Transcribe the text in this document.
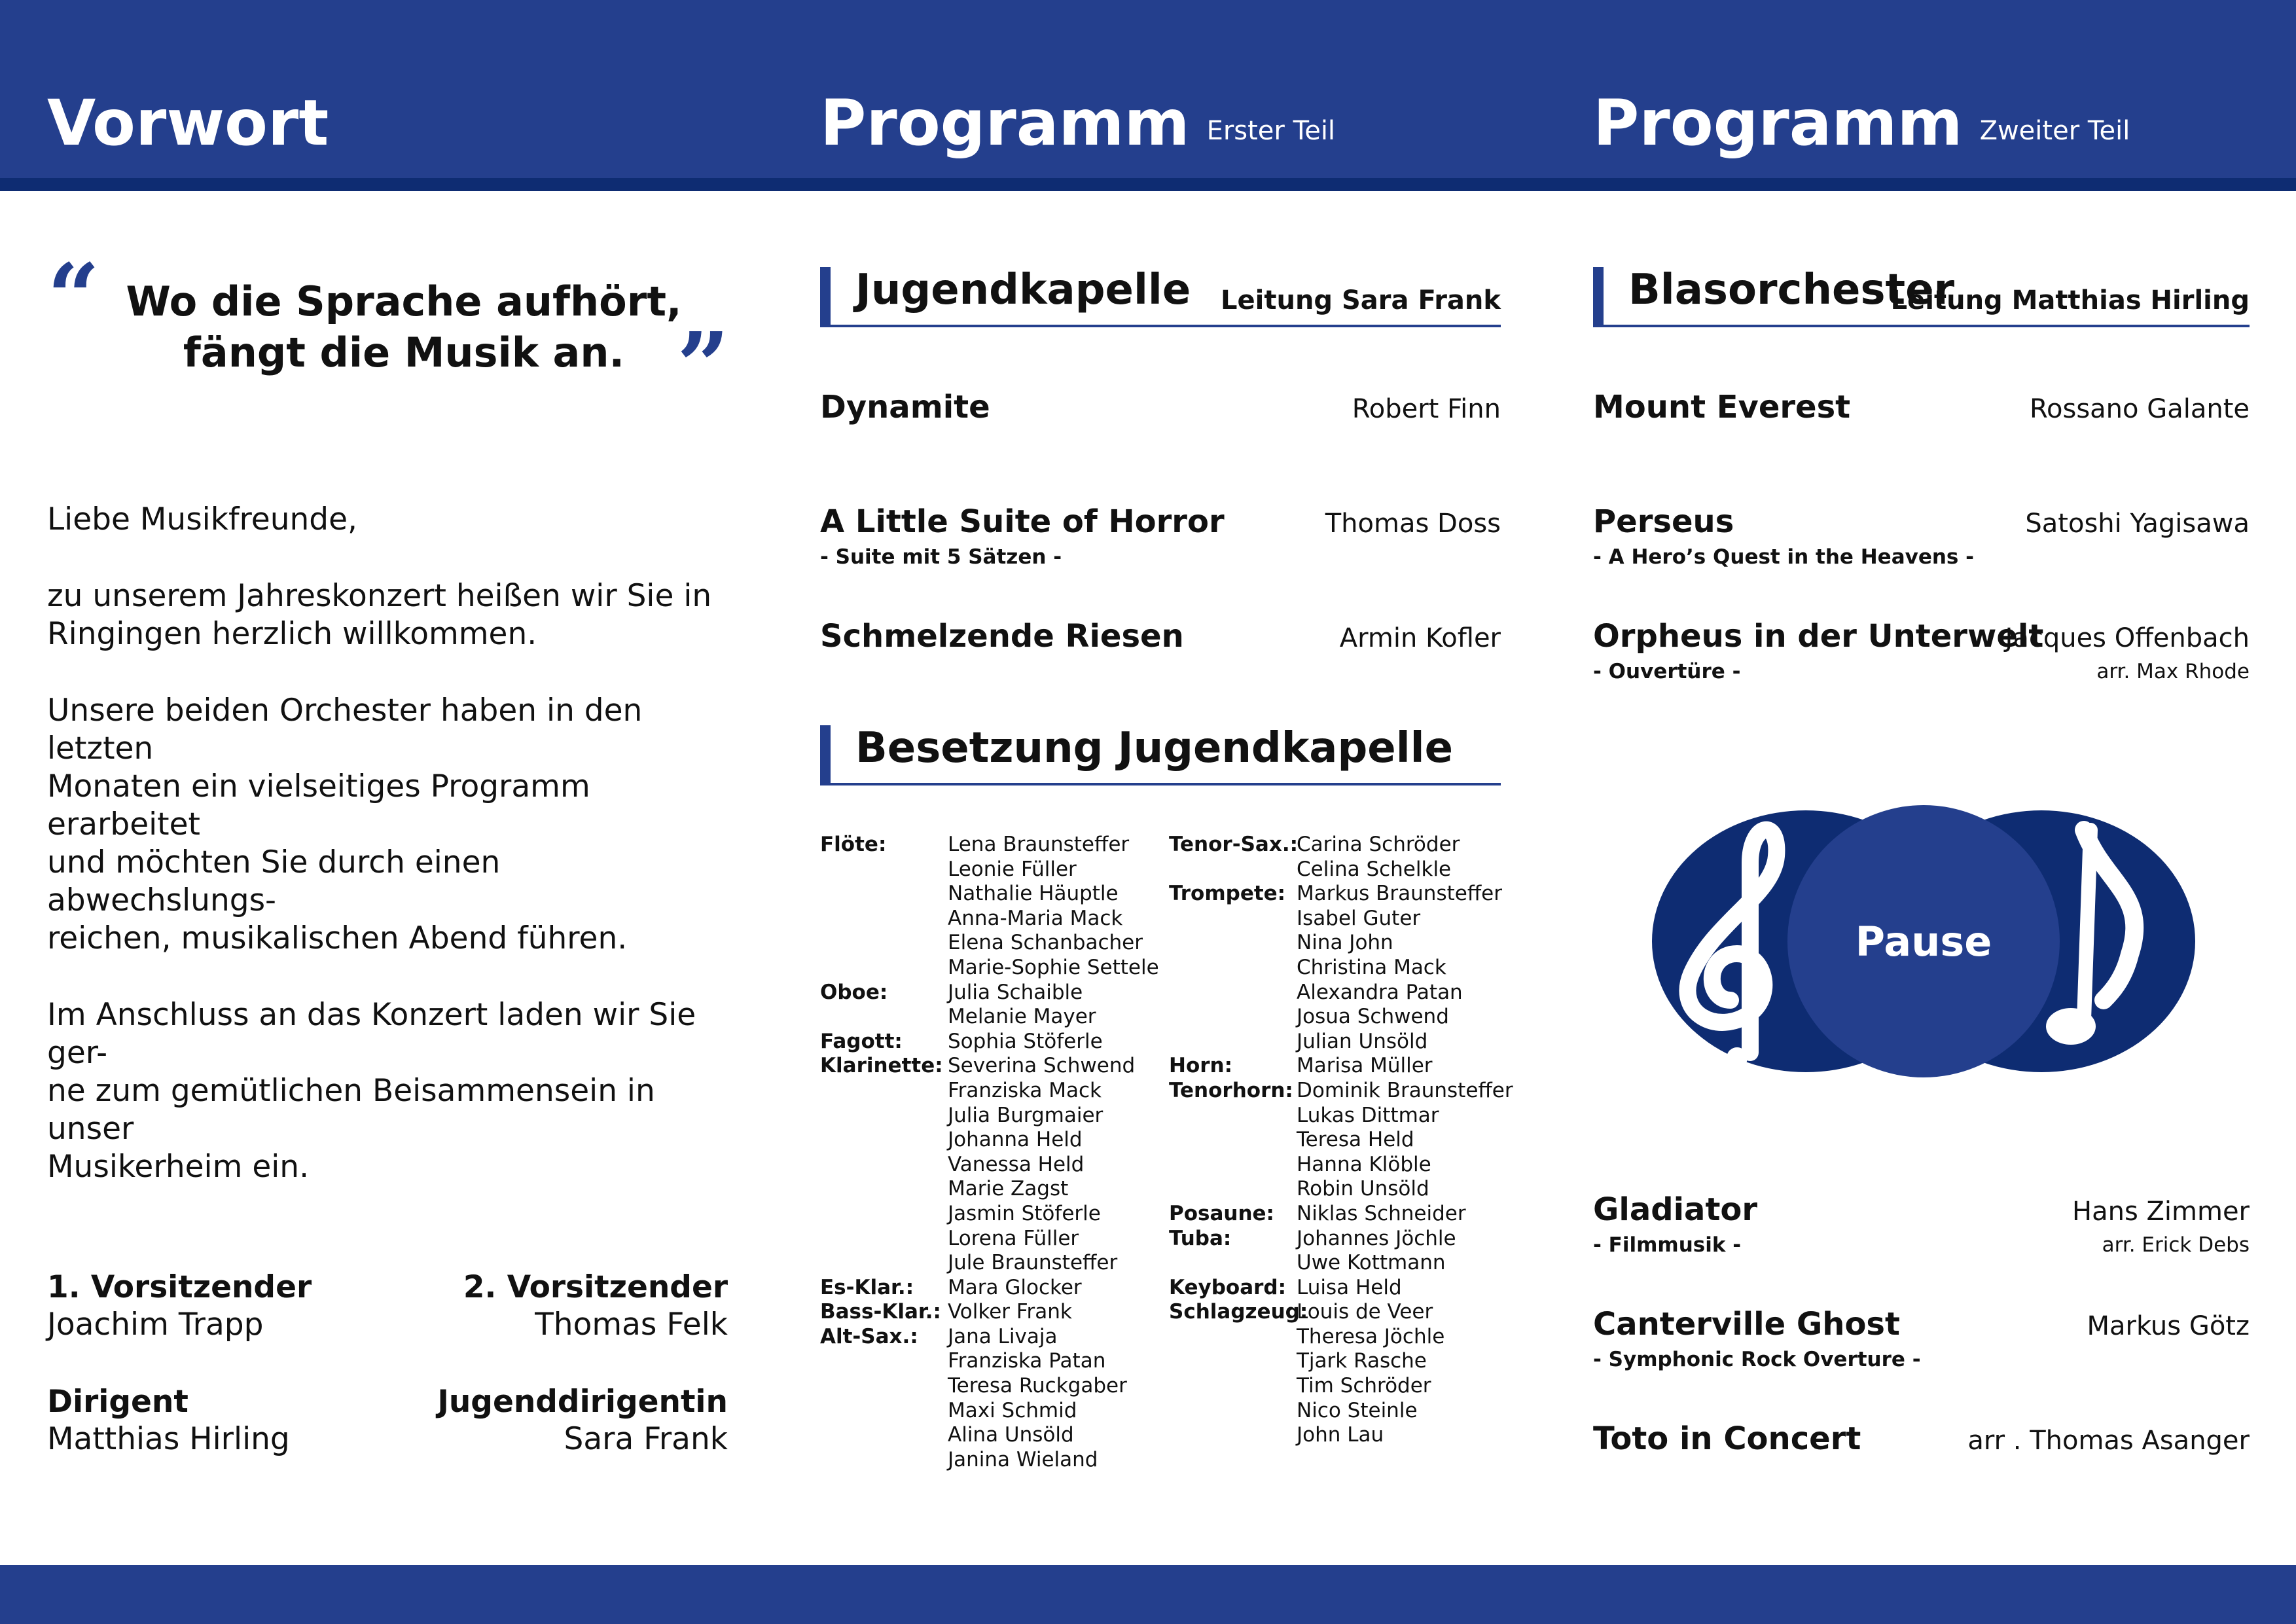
Vorwort	Programm $^{Erster Teil}$	Programm $^{Zweiter Teil}$
“
”
Wo die Sprache aufhört,
fängt die Musik an.

Liebe Musikfreunde,

zu unserem Jahreskonzert heißen wir Sie in
Ringingen herzlich willkommen.

Unsere beiden Orchester haben in den letzten
Monaten ein vielseitiges Programm erarbeitet
und möchten Sie durch einen abwechslungs-
reichen, musikalischen Abend führen.

Im Anschluss an das Konzert laden wir Sie ger-
ne zum gemütlichen Beisammensein in unser
Musikerheim ein.

1. Vorsitzender
Joachim Trapp
2. Vorsitzender
Thomas Felk
Dirigent
Matthias Hirling
Jugenddirigentin
Sara Frank
Jugendkapelle Leitung Sara Frank
Dynamite	Robert Finn
A Little Suite of Horror	Thomas Doss
- Suite mit 5 Sätzen -
Schmelzende Riesen	Armin Kofler
Besetzung Jugendkapelle
Flöte:	Lena Braunsteffer
Leonie Füller
Nathalie Häuptle
Anna-Maria Mack
Elena Schanbacher
Marie-Sophie Settele
Oboe:	Julia Schaible
Melanie Mayer
Fagott: Sophia Stöferle
Klarinette: Severina Schwend
Franziska Mack
Julia Burgmaier
Johanna Held
Vanessa Held
Marie Zagst
Jasmin Stöferle
Lorena Füller
Jule Braunsteffer
Es-Klar.: Mara Glocker
Bass-Klar.: Volker Frank
Alt-Sax.: Jana Livaja
Franziska Patan
Teresa Ruckgaber
Maxi Schmid
Alina Unsöld
Janina Wieland
Tenor-Sax.:
Carina Schröder
Celina Schelkle
Trompete: Markus Braunsteffer
Isabel Guter
Nina John
Christina Mack
Alexandra Patan
Josua Schwend
Julian Unsöld
Horn:	Marisa Müller
Tenorhorn: Dominik Braunsteffer
Lukas Dittmar
Teresa Held
Hanna Klöble
Robin Unsöld
Posaune: Niklas Schneider
Tuba:	Johannes Jöchle
Uwe Kottmann
Keyboard: Luisa Held
Schlagzeug:
Louis de Veer
Theresa Jöchle
Tjark Rasche
Tim Schröder
Nico Steinle
John Lau
Blasorchester
Leitung Matthias Hirling
Mount Everest	Rossano Galante
Perseus	Satoshi Yagisawa
- A Hero’s Quest in the Heavens -
Orpheus in der Unterwelt
Jacques Offenbach
- Ouvertüre -	arr. Max Rhode
Pause
Gladiator	Hans Zimmer
- Filmmusik -	arr. Erick Debs
Canterville Ghost	Markus Götz
- Symphonic Rock Overture -
Toto in Concert	arr . Thomas Asanger
